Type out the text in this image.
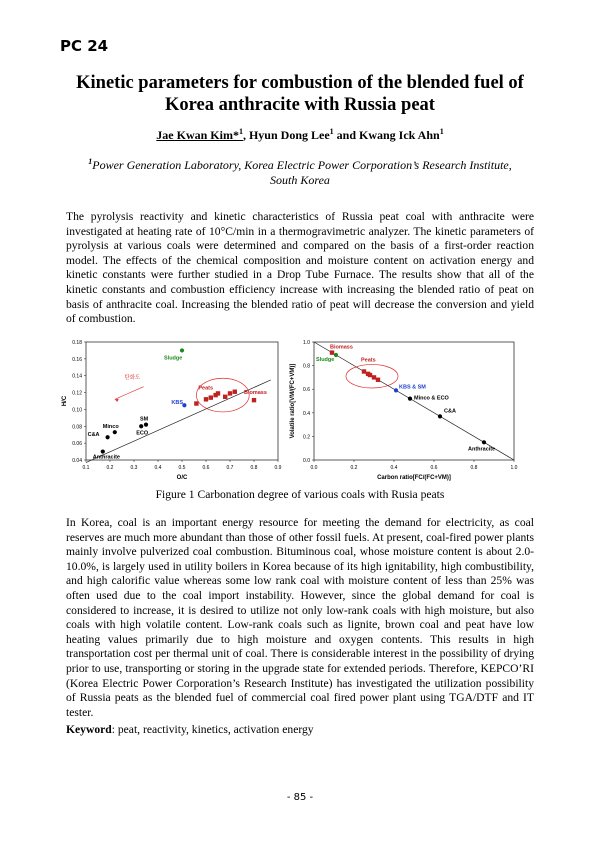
PC 24
Kinetic parameters for combustion of the blended fuel of
Korea anthracite with Russia peat
Jae Kwan Kim*$^1$, Hyun Dong Lee$^1$ and Kwang Ick Ahn$^1$
$^1$Power Generation Laboratory, Korea Electric Power Corporation’s Research Institute,
South Korea
The pyrolysis reactivity and kinetic characteristics of Russia peat coal with anthracite were investigated at heating rate of 10°C/min in a thermogravimetric analyzer. The kinetic parameters of pyrolysis at various coals were determined and compared on the basis of a first-order reaction model. The effects of the chemical composition and moisture content on activation energy and kinetic constants were further studied in a Drop Tube Furnace. The results show that all of the kinetic constants and combustion efficiency increase with increasing the blended ratio of peat on basis of anthracite coal. Increasing the blended ratio of peat will decrease the conversion and yield of combustion.
0.1	0.2	0.3	0.4	0.5	0.6	0.7	0.8	0.9
0.04
0.06
0.08
0.10
0.12
0.14
0.16
0.18
O/C
H/C
탄화도
Peats
Sludge
Anthracite
C&A
Minco
ECO
SM
KBS
Biomass
0.0	0.2	0.4	0.6	0.8	1.0
0.0
0.2
0.4
0.6
0.8
1.0
Carbon ratio[FC/(FC+VM)]
Volatile ratio[VM/(FC+VM)]
Peats
Biomass
Sludge
KBS & SM
Minco & ECO
C&A
Anthracite
Figure 1 Carbonation degree of various coals with Rusia peats
In Korea, coal is an important energy resource for meeting the demand for electricity, as coal reserves are much more abundant than those of other fossil fuels. At present, coal-fired power plants mainly involve pulverized coal combustion. Bituminous coal, whose moisture content is about 2.0-10.0%, is largely used in utility boilers in Korea because of its high ignitability, high combustibility, and high calorific value whereas some low rank coal with moisture content of less than 25% was often used due to the coal import instability. However, since the global demand for coal is considered to increase, it is desired to utilize not only low-rank coals with high moisture, but also coals with high volatile content. Low-rank coals such as lignite, brown coal and peat have low heating values primarily due to high moisture and oxygen contents. This results in high transportation cost per thermal unit of coal. There is considerable interest in the possibility of drying prior to use, transporting or storing in the upgrade state for extended periods. Therefore, KEPCO’RI (Korea Electric Power Corporation’s Research Institute) has investigated the utilization possibility of Russia peats as the blended fuel of commercial coal fired power plant using TGA/DTF and IT tester.
Keyword: peat, reactivity, kinetics, activation energy
- 85 -
